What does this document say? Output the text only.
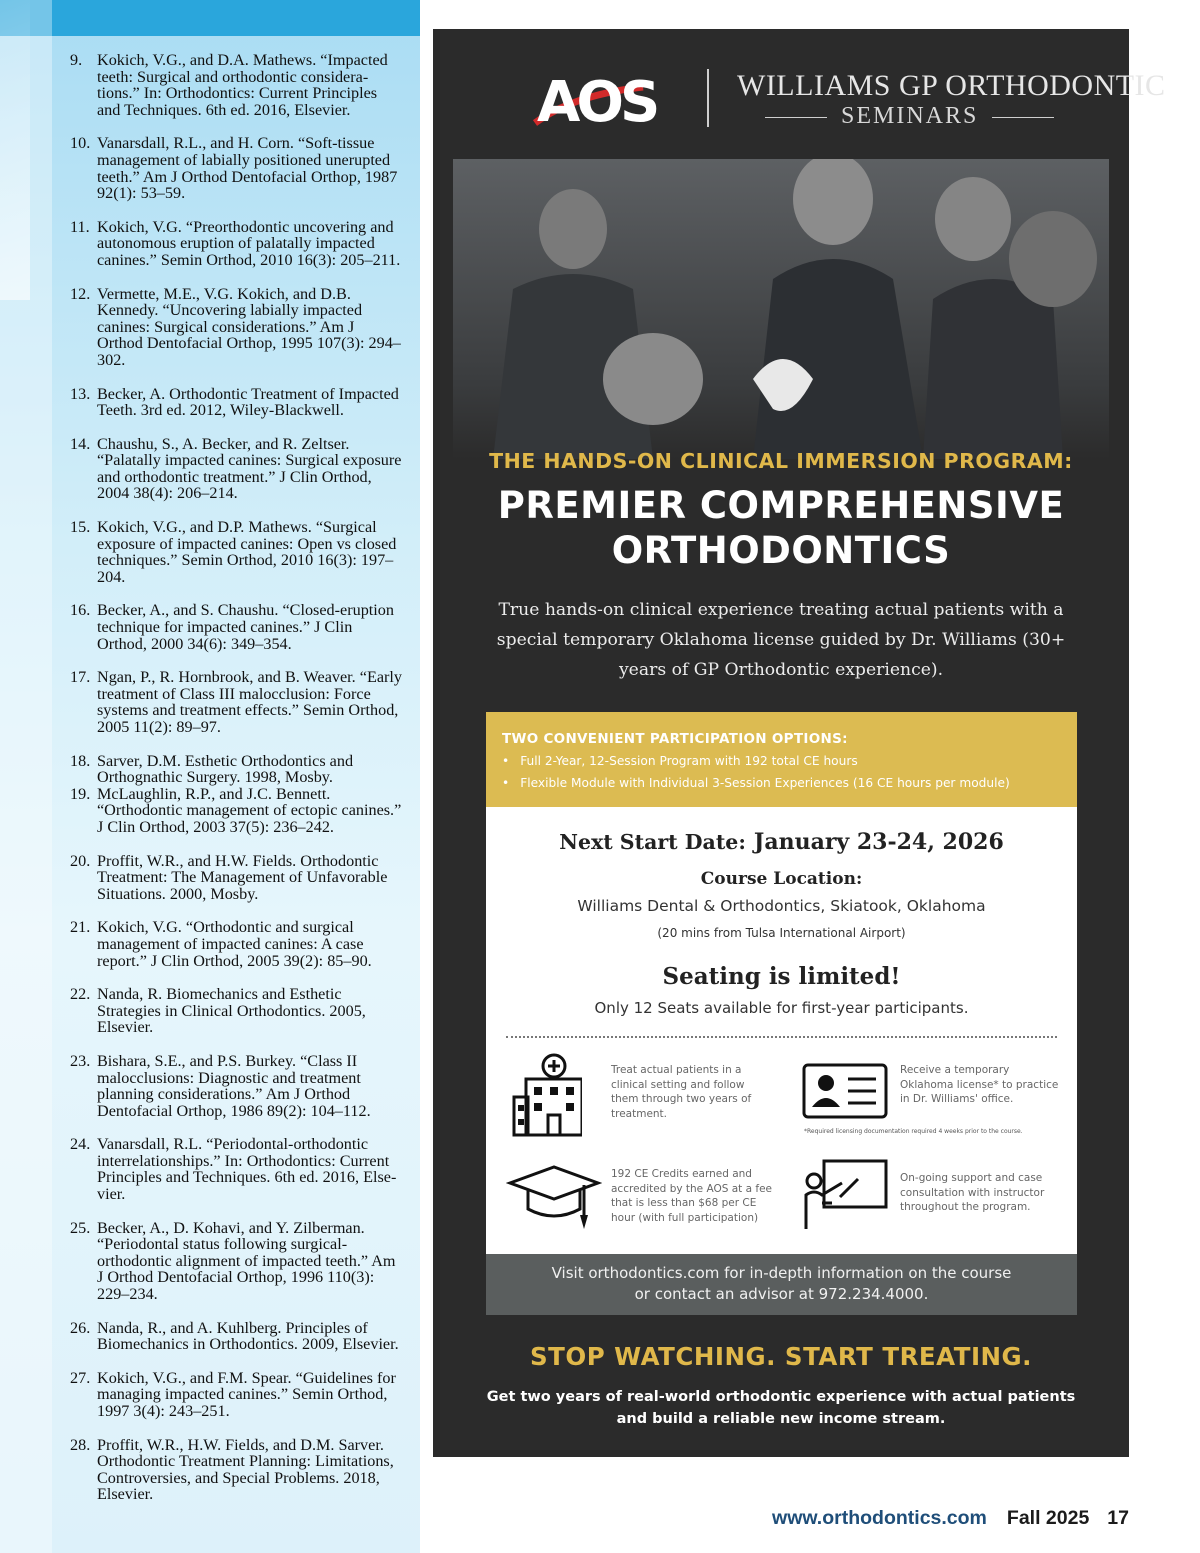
9. Kokich, V.G., and D.A. Mathews. “Impacted teeth: Surgical and orthodontic considerations.” In: Orthodontics: Current Principles and Techniques. 6th ed. 2016, Elsevier.
10. Vanarsdall, R.L., and H. Corn. “Soft-tissue management of labially positioned unerupted teeth.” Am J Orthod Dentofacial Orthop, 1987 92(1): 53–59.
11. Kokich, V.G. “Preorthodontic uncovering and autonomous eruption of palatally impacted canines.” Semin Orthod, 2010 16(3): 205–211.
12. Vermette, M.E., V.G. Kokich, and D.B. Kennedy. “Uncovering labially impacted canines: Surgical considerations.” Am J Orthod Dentofacial Orthop, 1995 107(3): 294–302.
13. Becker, A. Orthodontic Treatment of Impacted Teeth. 3rd ed. 2012, Wiley-Blackwell.
14. Chaushu, S., A. Becker, and R. Zeltser. “Palatally impacted canines: Surgical exposure and orthodontic treatment.” J Clin Orthod, 2004 38(4): 206–214.
15. Kokich, V.G., and D.P. Mathews. “Surgical exposure of impacted canines: Open vs closed techniques.” Semin Orthod, 2010 16(3): 197–204.
16. Becker, A., and S. Chaushu. “Closed-eruption technique for impacted canines.” J Clin Orthod, 2000 34(6): 349–354.
17. Ngan, P., R. Hornbrook, and B. Weaver. “Early treatment of Class III malocclusion: Force systems and treatment effects.” Semin Orthod, 2005 11(2): 89–97.
18. Sarver, D.M. Esthetic Orthodontics and Orthognathic Surgery. 1998, Mosby.
19. McLaughlin, R.P., and J.C. Bennett. “Orthodontic management of ectopic canines.” J Clin Orthod, 2003 37(5): 236–242.
20. Proffit, W.R., and H.W. Fields. Orthodontic Treatment: The Management of Unfavorable Situations. 2000, Mosby.
21. Kokich, V.G. “Orthodontic and surgical management of impacted canines: A case report.” J Clin Orthod, 2005 39(2): 85–90.
22. Nanda, R. Biomechanics and Esthetic Strategies in Clinical Orthodontics. 2005, Elsevier.
23. Bishara, S.E., and P.S. Burkey. “Class II malocclusions: Diagnostic and treatment planning considerations.” Am J Orthod Dentofacial Orthop, 1986 89(2): 104–112.
24. Vanarsdall, R.L. “Periodontal-orthodontic interrelationships.” In: Orthodontics: Current Principles and Techniques. 6th ed. 2016, Elsevier.
25. Becker, A., D. Kohavi, and Y. Zilberman. “Periodontal status following surgical-orthodontic alignment of impacted teeth.” Am J Orthod Dentofacial Orthop, 1996 110(3): 229–234.
26. Nanda, R., and A. Kuhlberg. Principles of Biomechanics in Orthodontics. 2009, Elsevier.
27. Kokich, V.G., and F.M. Spear. “Guidelines for managing impacted canines.” Semin Orthod, 1997 3(4): 243–251.
28. Proffit, W.R., H.W. Fields, and D.M. Sarver. Orthodontic Treatment Planning: Limitations, Controversies, and Special Problems. 2018, Elsevier.
AOS	WILLIAMS GP ORTHODONTIC
SEMINARS
THE HANDS-ON CLINICAL IMMERSION PROGRAM:
PREMIER COMPREHENSIVE
ORTHODONTICS
True hands-on clinical experience treating actual patients with a special temporary Oklahoma license guided by Dr. Williams (30+ years of GP Orthodontic experience).
TWO CONVENIENT PARTICIPATION OPTIONS:
• Full 2-Year, 12-Session Program with 192 total CE hours
• Flexible Module with Individual 3-Session Experiences (16 CE hours per module)
Next Start Date: January 23-24, 2026
Course Location:
Williams Dental & Orthodontics, Skiatook, Oklahoma
(20 mins from Tulsa International Airport)
Seating is limited!
Only 12 Seats available for first-year participants.
Treat actual patients in a clinical setting and follow them through two years of treatment.
Receive a temporary Oklahoma license* to practice in Dr. Williams' office.
*Required licensing documentation required 4 weeks prior to the course.
192 CE Credits earned and accredited by the AOS at a fee that is less than $68 per CE hour (with full participation)
On-going support and case consultation with instructor throughout the program.
Visit orthodontics.com for in-depth information on the course
or contact an advisor at 972.234.4000.
STOP WATCHING. START TREATING.
Get two years of real-world orthodontic experience with actual patients
and build a reliable new income stream.
www.orthodontics.com Fall 2025 17
